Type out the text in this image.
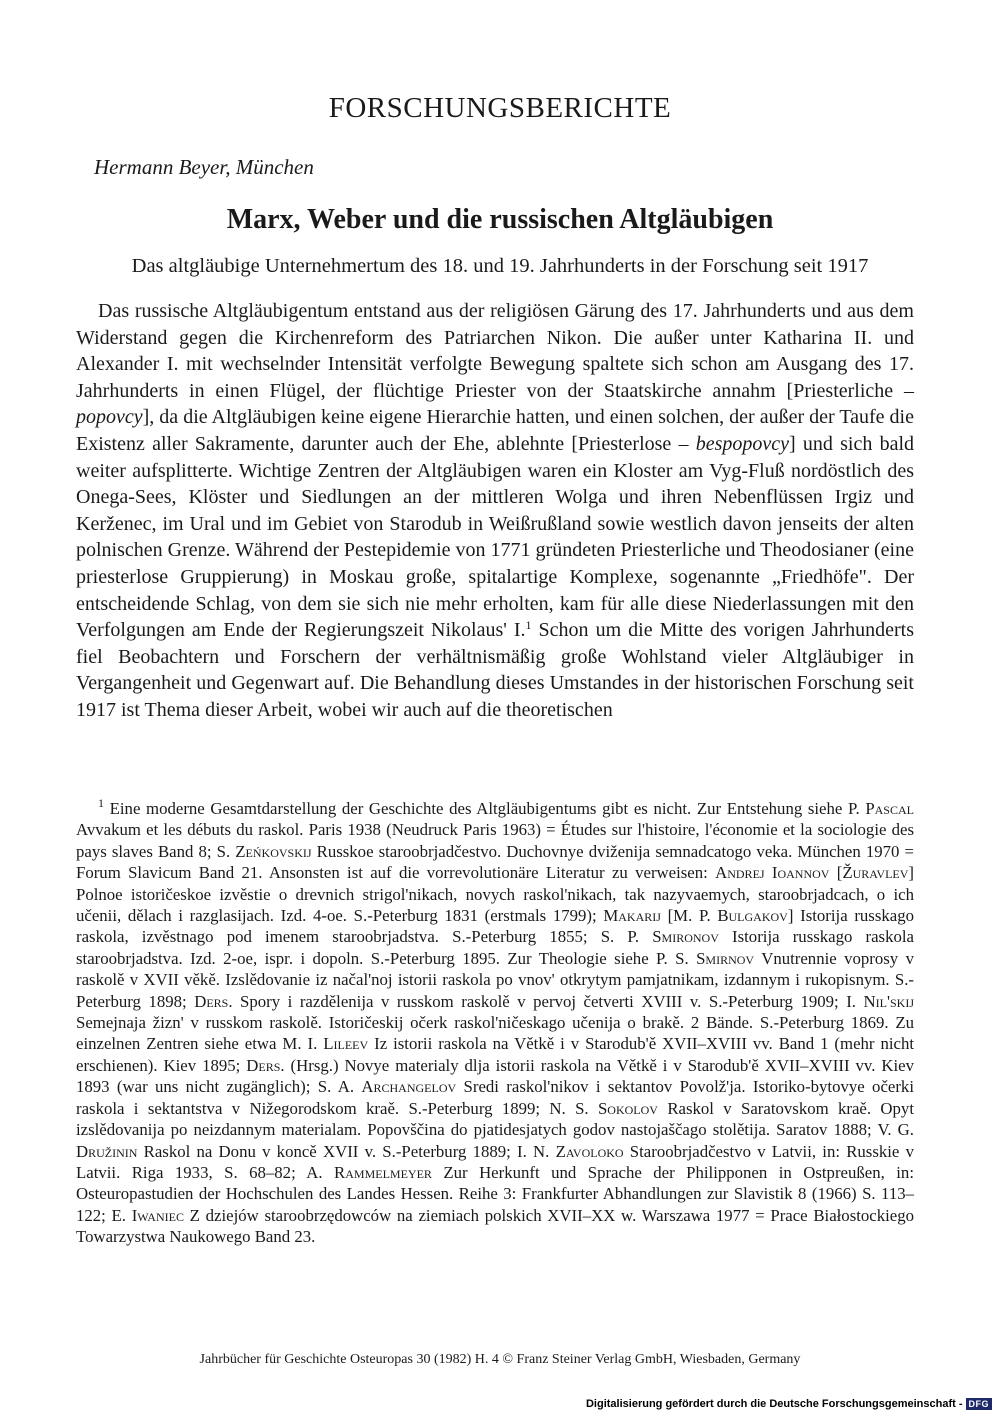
FORSCHUNGSBERICHTE
Hermann Beyer, München
Marx, Weber und die russischen Altgläubigen
Das altgläubige Unternehmertum des 18. und 19. Jahrhunderts in der Forschung seit 1917

Das russische Altgläubigentum entstand aus der religiösen Gärung des 17. Jahrhunderts und aus dem Widerstand gegen die Kirchenreform des Patriarchen Nikon. Die außer unter Katharina II. und Alexander I. mit wechselnder Intensität verfolgte Bewegung spaltete sich schon am Ausgang des 17. Jahrhunderts in einen Flügel, der flüchtige Priester von der Staatskirche annahm [Priesterliche – popovcy], da die Altgläubigen keine eigene Hierarchie hatten, und einen solchen, der außer der Taufe die Existenz aller Sakramente, darunter auch der Ehe, ablehnte [Priesterlose – bespopovcy] und sich bald weiter aufsplitterte. Wichtige Zentren der Altgläubigen waren ein Kloster am Vyg-Fluß nordöstlich des Onega-Sees, Klöster und Siedlungen an der mittleren Wolga und ihren Nebenflüssen Irgiz und Kerženec, im Ural und im Gebiet von Starodub in Weißrußland sowie westlich davon jenseits der alten polnischen Grenze. Während der Pestepidemie von 1771 gründeten Priesterliche und Theodosianer (eine priesterlose Gruppierung) in Moskau große, spitalartige Komplexe, sogenannte „Friedhöfe". Der entscheidende Schlag, von dem sie sich nie mehr erholten, kam für alle diese Niederlassungen mit den Verfolgungen am Ende der Regierungszeit Nikolaus' I.$^1$ Schon um die Mitte des vorigen Jahrhunderts fiel Beobachtern und Forschern der verhältnismäßig große Wohlstand vieler Altgläubiger in Vergangenheit und Gegenwart auf. Die Behandlung dieses Umstandes in der historischen Forschung seit 1917 ist Thema dieser Arbeit, wobei wir auch auf die theoretischen

$^1$ Eine moderne Gesamtdarstellung der Geschichte des Altgläubigentums gibt es nicht. Zur Entstehung siehe P. Pascal Avvakum et les débuts du raskol. Paris 1938 (Neudruck Paris 1963) = Études sur l'histoire, l'économie et la sociologie des pays slaves Band 8; S. Zeńkovskij Russkoe staroobrjadčestvo. Duchovnye dviženija semnadcatogo veka. München 1970 = Forum Slavicum Band 21. Ansonsten ist auf die vorrevolutionäre Literatur zu verweisen: Andrej Ioannov [Žuravlev] Polnoe istoričeskoe izvěstie o drevnich strigol'nikach, novych raskol'nikach, tak nazyvaemych, staroobrjadcach, o ich učenii, dělach i razglasijach. Izd. 4-oe. S.-Peterburg 1831 (erstmals 1799); Makarij [M. P. Bulgakov] Istorija russkago raskola, izvěstnago pod imenem staroobrjadstva. S.-Peterburg 1855; S. P. Smironov Istorija russkago raskola staroobrjadstva. Izd. 2-oe, ispr. i dopoln. S.-Peterburg 1895. Zur Theologie siehe P. S. Smirnov Vnutrennie voprosy v raskolě v XVII věkě. Izslědovanie iz načal'noj istorii raskola po vnov' otkrytym pamjatnikam, izdannym i rukopisnym. S.-Peterburg 1898; Ders. Spory i razdělenija v russkom raskolě v pervoj četverti XVIII v. S.-Peterburg 1909; I. Nil'skij Semejnaja žizn' v russkom raskolě. Istoričeskij očerk raskol'ničeskago učenija o brakě. 2 Bände. S.-Peterburg 1869. Zu einzelnen Zentren siehe etwa M. I. Lileev Iz istorii raskola na Větkě i v Starodub'ě XVII–XVIII vv. Band 1 (mehr nicht erschienen). Kiev 1895; Ders. (Hrsg.) Novye materialy dlja istorii raskola na Větkě i v Starodub'ě XVII–XVIII vv. Kiev 1893 (war uns nicht zugänglich); S. A. Archangelov Sredi raskol'nikov i sektantov Povolž'ja. Istoriko-bytovye očerki raskola i sektantstva v Nižegorodskom kraě. S.-Peterburg 1899; N. S. Sokolov Raskol v Saratovskom kraě. Opyt izslědovanija po neizdannym materialam. Popovščina do pjatidesjatych godov nastojaščago stolětija. Saratov 1888; V. G. Družinin Raskol na Donu v koncě XVII v. S.-Peterburg 1889; I. N. Zavoloko Staroobrjadčestvo v Latvii, in: Russkie v Latvii. Riga 1933, S. 68–82; A. Rammelmeyer Zur Herkunft und Sprache der Philipponen in Ostpreußen, in: Osteuropastudien der Hochschulen des Landes Hessen. Reihe 3: Frankfurter Abhandlungen zur Slavistik 8 (1966) S. 113–122; E. Iwaniec Z dziejów staroobrzędowców na ziemiach polskich XVII–XX w. Warszawa 1977 = Prace Białostockiego Towarzystwa Naukowego Band 23.

Jahrbücher für Geschichte Osteuropas 30 (1982) H. 4 © Franz Steiner Verlag GmbH, Wiesbaden, Germany
Digitalisierung gefördert durch die Deutsche Forschungsgemeinschaft - DFG
